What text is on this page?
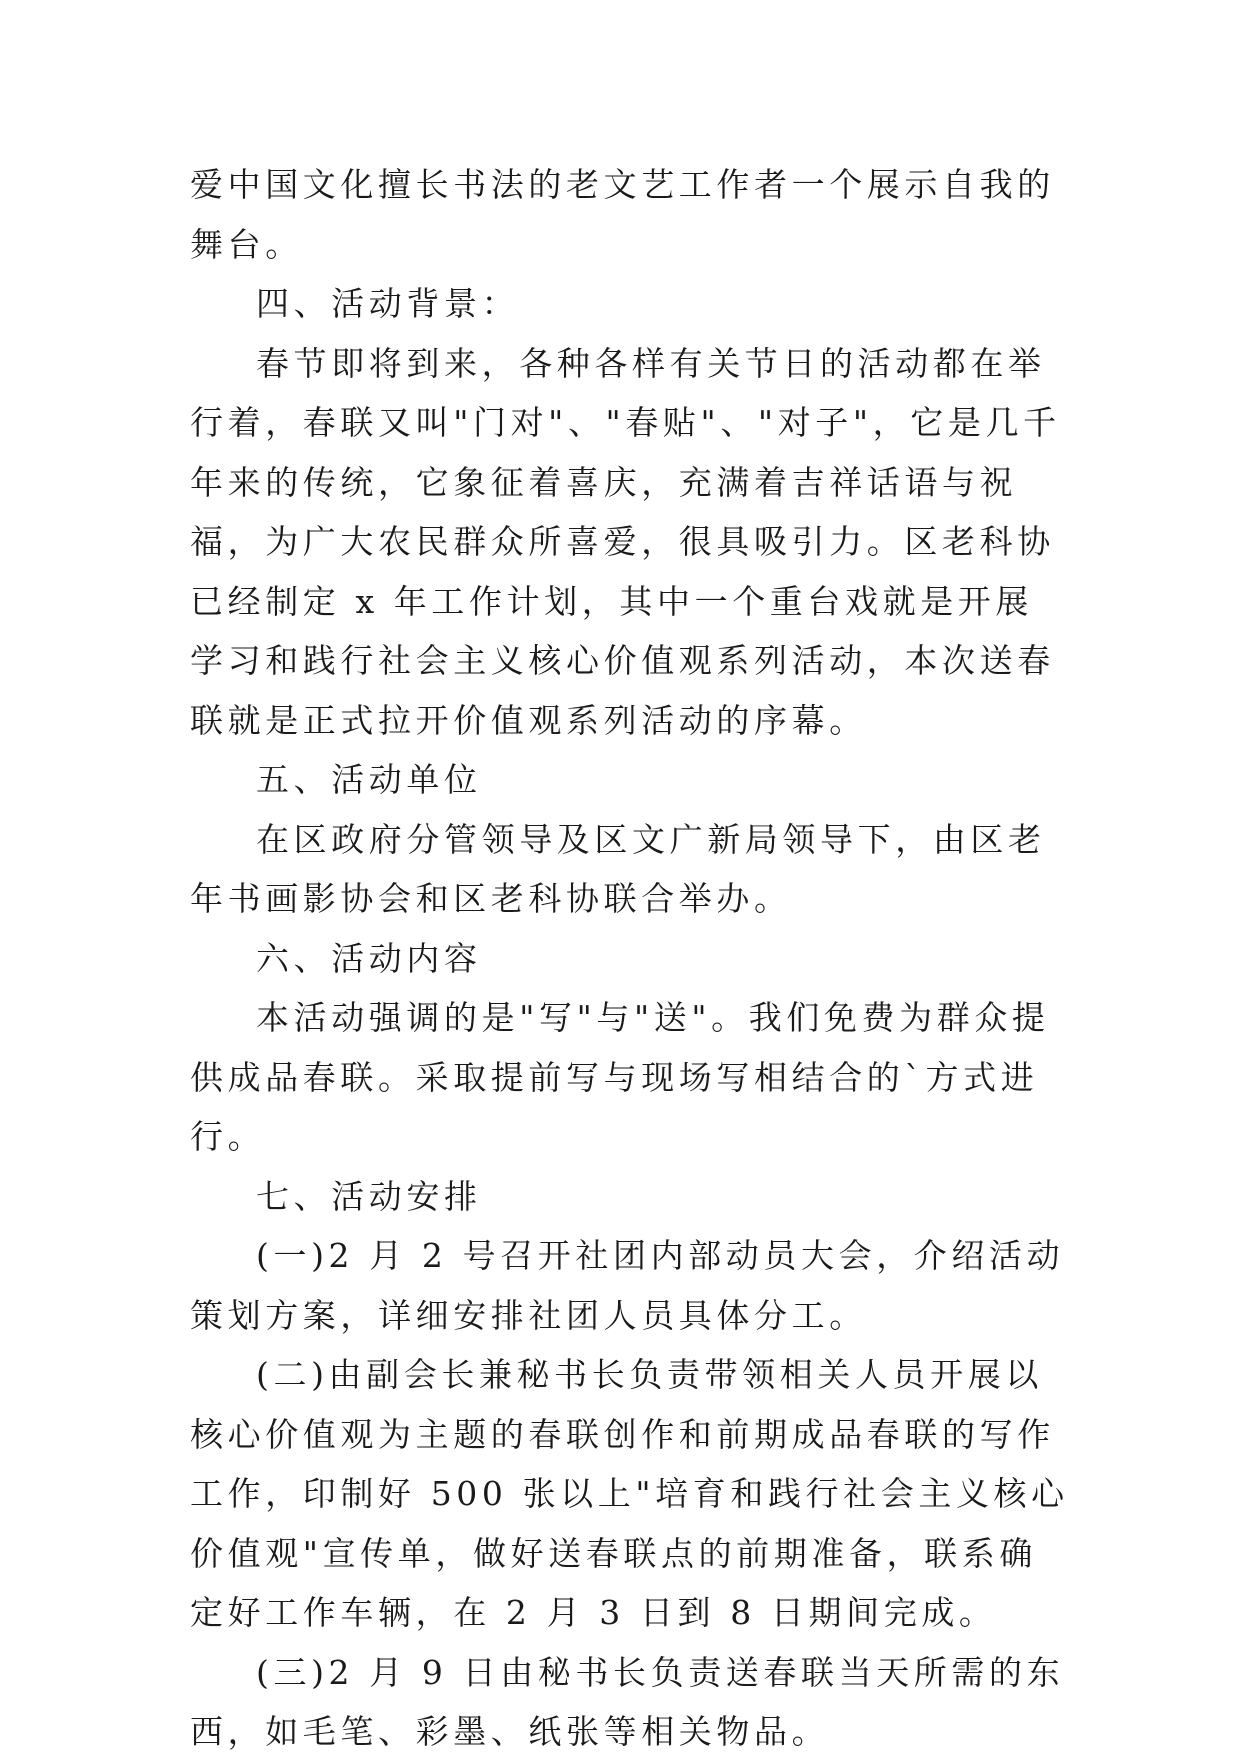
爱中国文化擅长书法的老文艺工作者一个展示自我的舞台。

四、活动背景：

春节即将到来，各种各样有关节日的活动都在举行着，春联又叫"门对"、"春贴"、"对子"，它是几千年来的传统，它象征着喜庆，充满着吉祥话语与祝福，为广大农民群众所喜爱，很具吸引力。区老科协已经制定 x 年工作计划，其中一个重台戏就是开展学习和践行社会主义核心价值观系列活动，本次送春联就是正式拉开价值观系列活动的序幕。

五、活动单位

在区政府分管领导及区文广新局领导下，由区老年书画影协会和区老科协联合举办。

六、活动内容

本活动强调的是"写"与"送"。我们免费为群众提供成品春联。采取提前写与现场写相结合的`方式进行。

七、活动安排

(一)2 月 2 号召开社团内部动员大会，介绍活动策划方案，详细安排社团人员具体分工。

(二)由副会长兼秘书长负责带领相关人员开展以核心价值观为主题的春联创作和前期成品春联的写作工作，印制好 500 张以上"培育和践行社会主义核心价值观"宣传单，做好送春联点的前期准备，联系确定好工作车辆，在 2 月 3 日到 8 日期间完成。

(三)2 月 9 日由秘书长负责送春联当天所需的东西，如毛笔、彩墨、纸张等相关物品。
